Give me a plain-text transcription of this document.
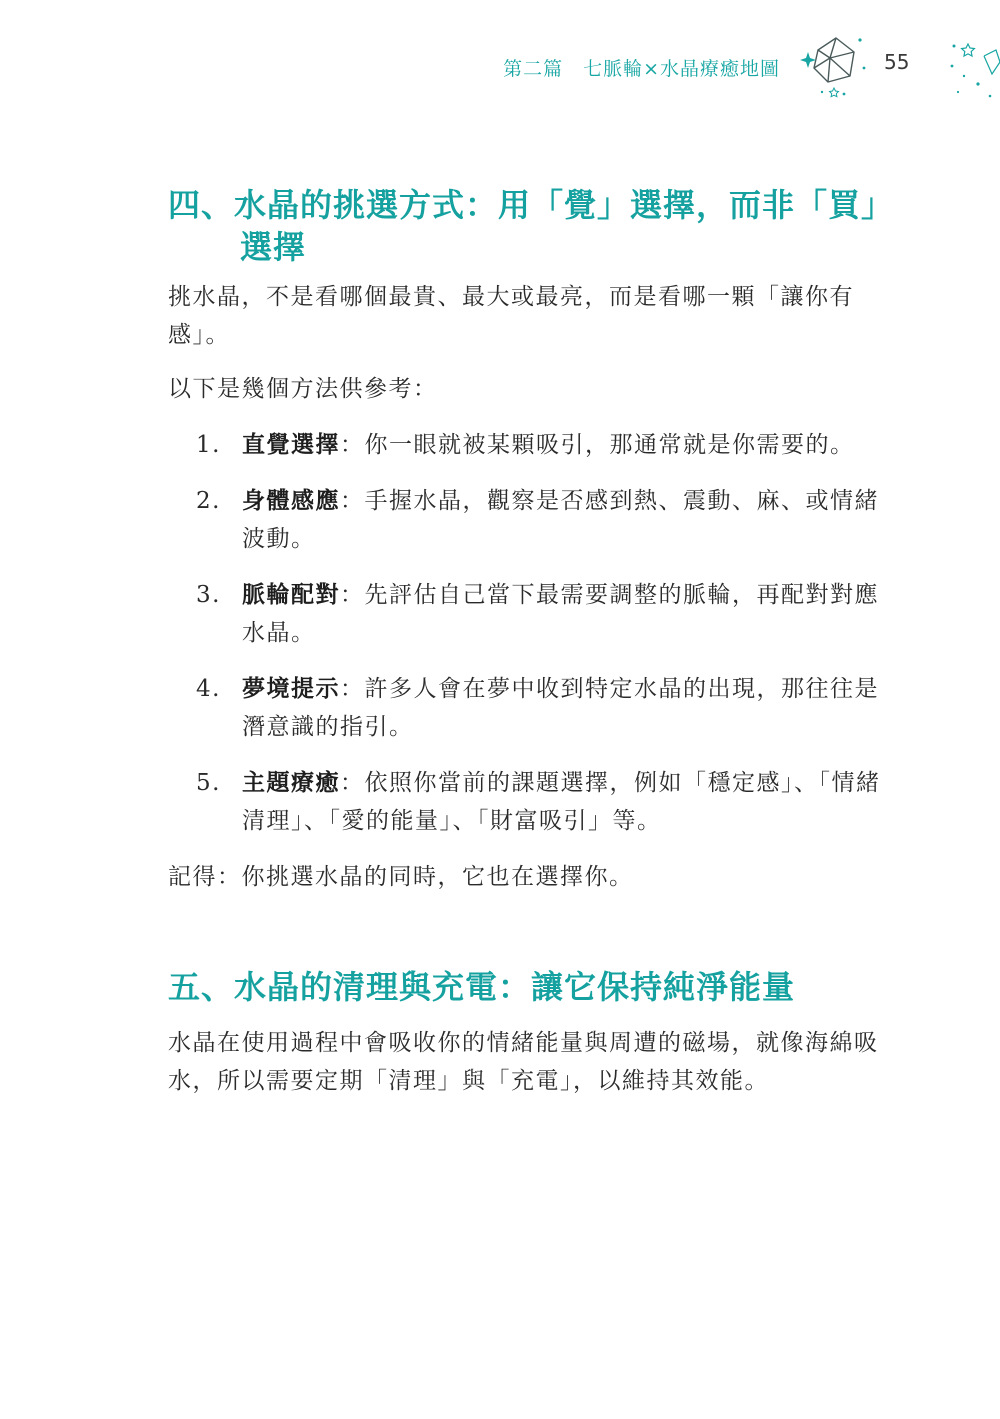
第二篇　七脈輪×水晶療癒地圖	55
四、水晶的挑選方式：用「覺」選擇，而非「買」
選擇

挑水晶，不是看哪個最貴、最大或最亮，而是看哪一顆「讓你有感」。

以下是幾個方法供參考：

1. 直覺選擇：你一眼就被某顆吸引，那通常就是你需要的。
2. 身體感應：手握水晶，觀察是否感到熱、震動、麻、或情緒波動。
3. 脈輪配對：先評估自己當下最需要調整的脈輪，再配對對應水晶。
4. 夢境提示：許多人會在夢中收到特定水晶的出現，那往往是潛意識的指引。
5. 主題療癒：依照你當前的課題選擇，例如「穩定感」、「情緒清理」、「愛的能量」、「財富吸引」等。

記得：你挑選水晶的同時，它也在選擇你。

五、水晶的清理與充電：讓它保持純淨能量

水晶在使用過程中會吸收你的情緒能量與周遭的磁場，就像海綿吸水，所以需要定期「清理」與「充電」，以維持其效能。
